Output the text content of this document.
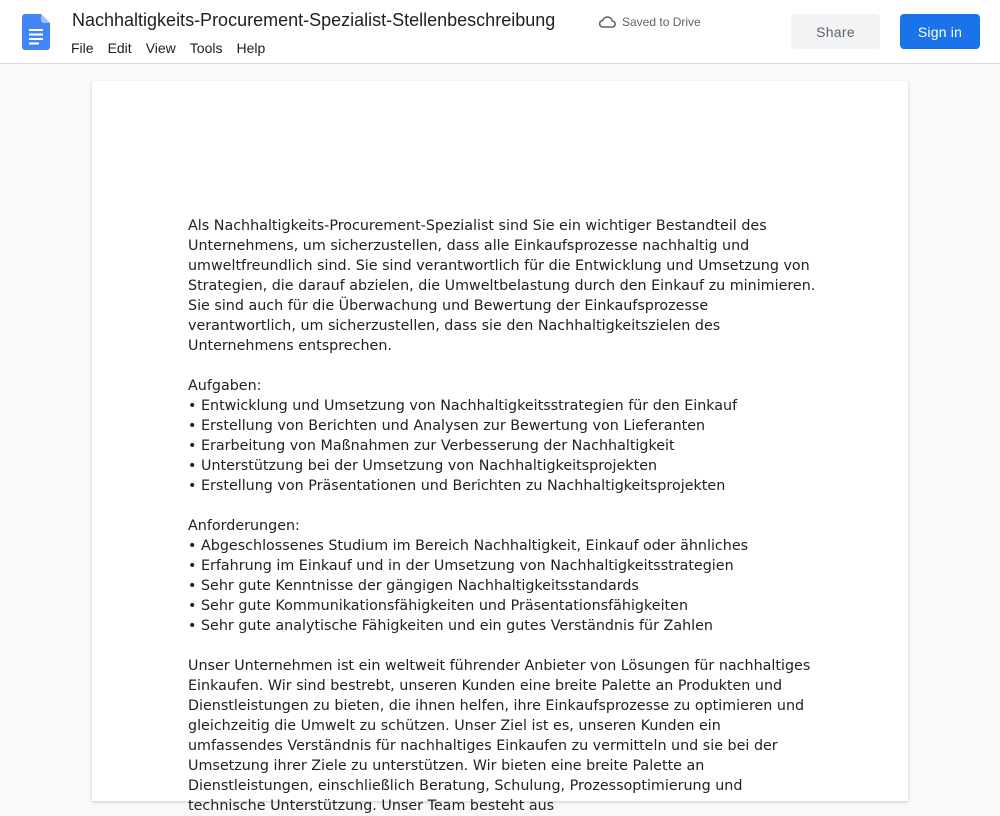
Nachhaltigkeits-Procurement-Spezialist-Stellenbeschreibung	Saved to Drive
File	Edit	View	Tools	Help
Share	Sign in

Als Nachhaltigkeits-Procurement-Spezialist sind Sie ein wichtiger Bestandteil des Unternehmens, um sicherzustellen, dass alle Einkaufsprozesse nachhaltig und umweltfreundlich sind. Sie sind verantwortlich für die Entwicklung und Umsetzung von Strategien, die darauf abzielen, die Umweltbelastung durch den Einkauf zu minimieren. Sie sind auch für die Überwachung und Bewertung der Einkaufsprozesse verantwortlich, um sicherzustellen, dass sie den Nachhaltigkeitszielen des Unternehmens entsprechen.

Aufgaben:
• Entwicklung und Umsetzung von Nachhaltigkeitsstrategien für den Einkauf
• Erstellung von Berichten und Analysen zur Bewertung von Lieferanten
• Erarbeitung von Maßnahmen zur Verbesserung der Nachhaltigkeit
• Unterstützung bei der Umsetzung von Nachhaltigkeitsprojekten
• Erstellung von Präsentationen und Berichten zu Nachhaltigkeitsprojekten
Anforderungen:
• Abgeschlossenes Studium im Bereich Nachhaltigkeit, Einkauf oder ähnliches
• Erfahrung im Einkauf und in der Umsetzung von Nachhaltigkeitsstrategien
• Sehr gute Kenntnisse der gängigen Nachhaltigkeitsstandards
• Sehr gute Kommunikationsfähigkeiten und Präsentationsfähigkeiten
• Sehr gute analytische Fähigkeiten und ein gutes Verständnis für Zahlen

Unser Unternehmen ist ein weltweit führender Anbieter von Lösungen für nachhaltiges Einkaufen. Wir sind bestrebt, unseren Kunden eine breite Palette an Produkten und Dienstleistungen zu bieten, die ihnen helfen, ihre Einkaufsprozesse zu optimieren und gleichzeitig die Umwelt zu schützen. Unser Ziel ist es, unseren Kunden ein umfassendes Verständnis für nachhaltiges Einkaufen zu vermitteln und sie bei der Umsetzung ihrer Ziele zu unterstützen. Wir bieten eine breite Palette an Dienstleistungen, einschließlich Beratung, Schulung, Prozessoptimierung und technische Unterstützung. Unser Team besteht aus
